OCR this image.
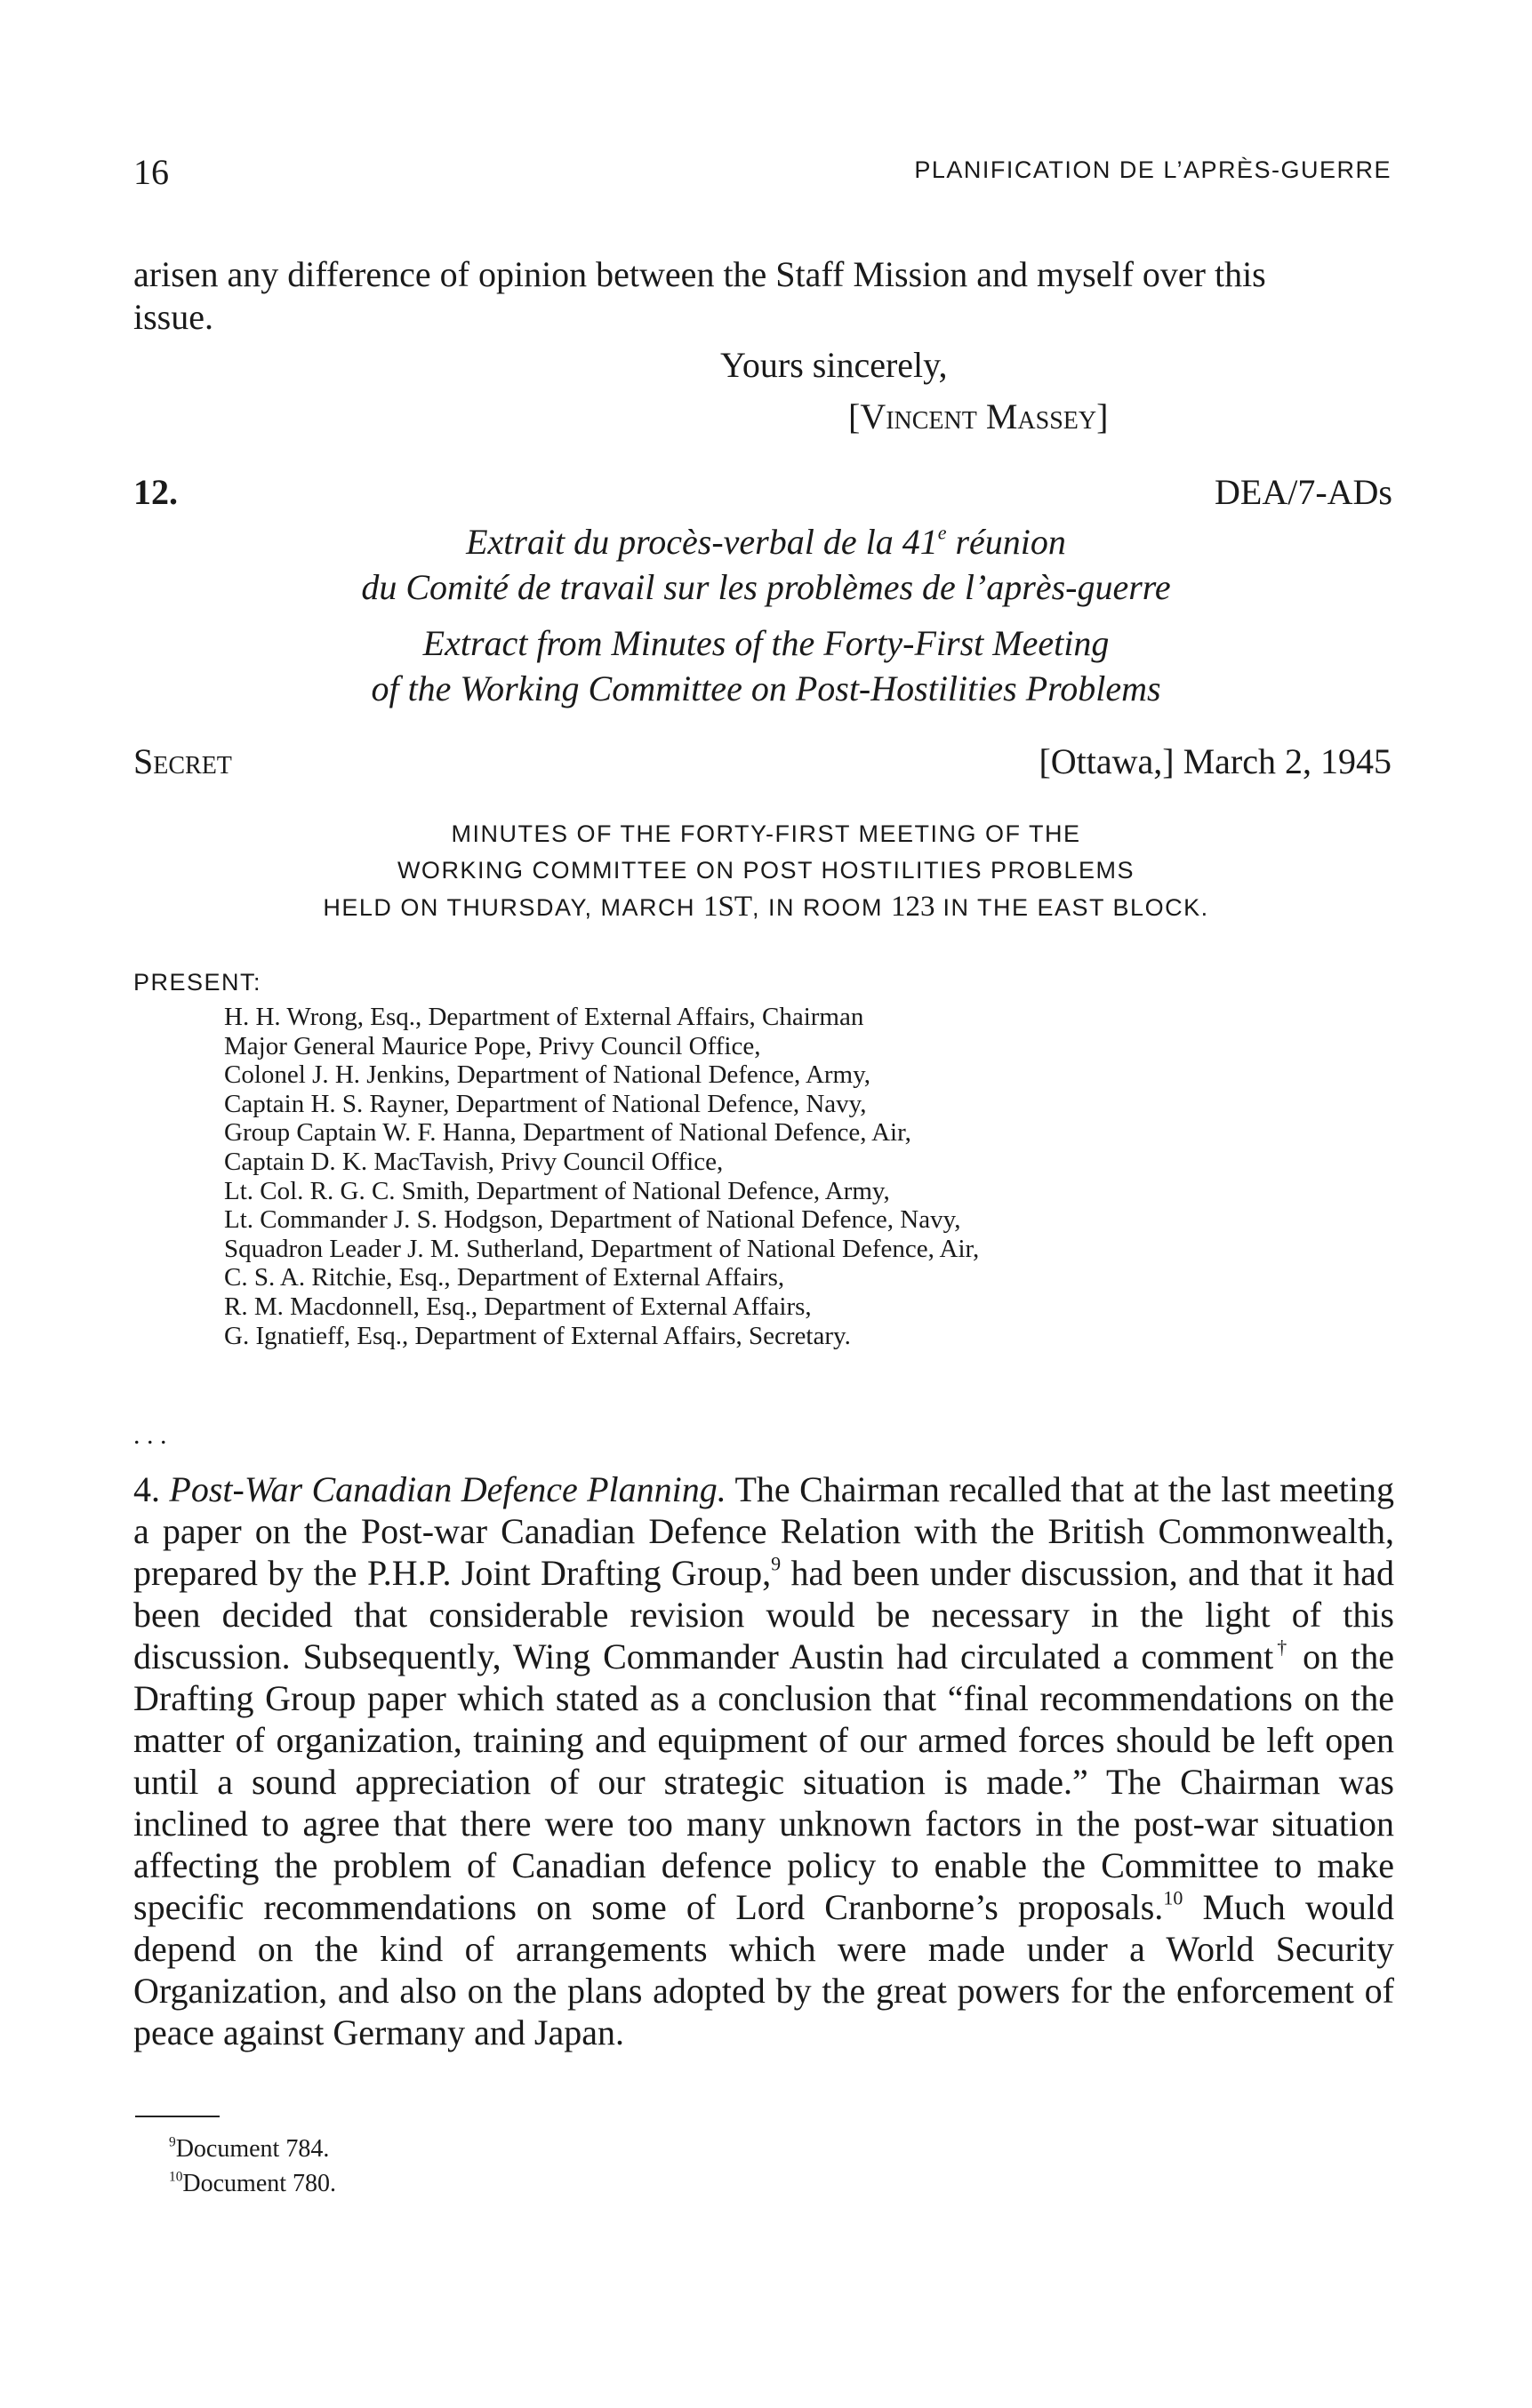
16	PLANIFICATION DE L’APRÈS-GUERRE
arisen any difference of opinion between the Staff Mission and myself over this
issue.
Yours sincerely,
[Vincent Massey]
12.	DEA/7-ADs
Extrait du procès-verbal de la 41e réunion
du Comité de travail sur les problèmes de l’après-guerre
Extract from Minutes of the Forty-First Meeting
of the Working Committee on Post-Hostilities Problems
Secret	[Ottawa,] March 2, 1945
MINUTES OF THE FORTY-FIRST MEETING OF THE
WORKING COMMITTEE ON POST HOSTILITIES PROBLEMS
HELD ON THURSDAY, MARCH 1ST, IN ROOM 123 IN THE EAST BLOCK.
PRESENT:
H. H. Wrong, Esq., Department of External Affairs, Chairman
Major General Maurice Pope, Privy Council Office,
Colonel J. H. Jenkins, Department of National Defence, Army,
Captain H. S. Rayner, Department of National Defence, Navy,
Group Captain W. F. Hanna, Department of National Defence, Air,
Captain D. K. MacTavish, Privy Council Office,
Lt. Col. R. G. C. Smith, Department of National Defence, Army,
Lt. Commander J. S. Hodgson, Department of National Defence, Navy,
Squadron Leader J. M. Sutherland, Department of National Defence, Air,
C. S. A. Ritchie, Esq., Department of External Affairs,
R. M. Macdonnell, Esq., Department of External Affairs,
G. Ignatieff, Esq., Department of External Affairs, Secretary.
. . .
4. Post-War Canadian Defence Planning. The Chairman recalled that at the last meeting a paper on the Post-war Canadian Defence Relation with the British Commonwealth, prepared by the P.H.P. Joint Drafting Group,$^9$ had been under discussion, and that it had been decided that considerable revision would be necessary in the light of this discussion. Subsequently, Wing Commander Austin had circulated a comment† on the Drafting Group paper which stated as a conclusion that “final recommendations on the matter of organization, training and equipment of our armed forces should be left open until a sound appreciation of our strategic situation is made.” The Chairman was inclined to agree that there were too many unknown factors in the post-war situation affecting the problem of Canadian defence policy to enable the Committee to make specific recommendations on some of Lord Cranborne’s proposals.$^{10}$ Much would depend on the kind of arrangements which were made under a World Security Organization, and also on the plans adopted by the great powers for the enforcement of peace against Germany and Japan.
$^9$Document 784.
$^{10}$Document 780.
